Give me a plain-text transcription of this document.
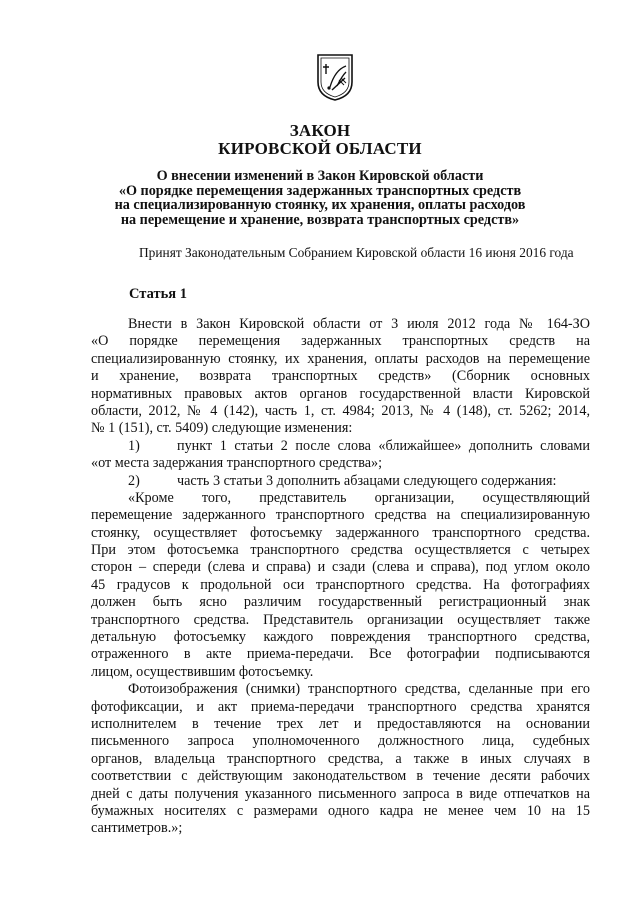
ЗАКОН
КИРОВСКОЙ ОБЛАСТИ
О внесении изменений в Закон Кировской области
«О порядке перемещения задержанных транспортных средств
на специализированную стоянку, их хранения, оплаты расходов
на перемещение и хранение, возврата транспортных средств»
Принят Законодательным Собранием Кировской области 16 июня 2016 года
Статья 1
Внести в Закон Кировской области от 3 июля 2012 года № 164-ЗО
«О порядке перемещения задержанных транспортных средств на
специализированную стоянку, их хранения, оплаты расходов на перемещение
и хранение, возврата транспортных средств» (Сборник основных
нормативных правовых актов органов государственной власти Кировской
области, 2012, № 4 (142), часть 1, ст. 4984; 2013, № 4 (148), ст. 5262; 2014,
№ 1 (151), ст. 5409) следующие изменения:
1)	пункт 1 статьи 2 после слова «ближайшее» дополнить словами
«от места задержания транспортного средства»;
2)	часть 3 статьи 3 дополнить абзацами следующего содержания:
«Кроме того, представитель организации, осуществляющий
перемещение задержанного транспортного средства на специализированную
стоянку, осуществляет фотосъемку задержанного транспортного средства.
При этом фотосъемка транспортного средства осуществляется с четырех
сторон – спереди (слева и справа) и сзади (слева и справа), под углом около
45 градусов к продольной оси транспортного средства. На фотографиях
должен быть ясно различим государственный регистрационный знак
транспортного средства. Представитель организации осуществляет также
детальную фотосъемку каждого повреждения транспортного средства,
отраженного в акте приема-передачи. Все фотографии подписываются
лицом, осуществившим фотосъемку.
Фотоизображения (снимки) транспортного средства, сделанные при его
фотофиксации, и акт приема-передачи транспортного средства хранятся
исполнителем в течение трех лет и предоставляются на основании
письменного запроса уполномоченного должностного лица, судебных
органов, владельца транспортного средства, а также в иных случаях в
соответствии с действующим законодательством в течение десяти рабочих
дней с даты получения указанного письменного запроса в виде отпечатков на
бумажных носителях с размерами одного кадра не менее чем 10 на 15
сантиметров.»;
